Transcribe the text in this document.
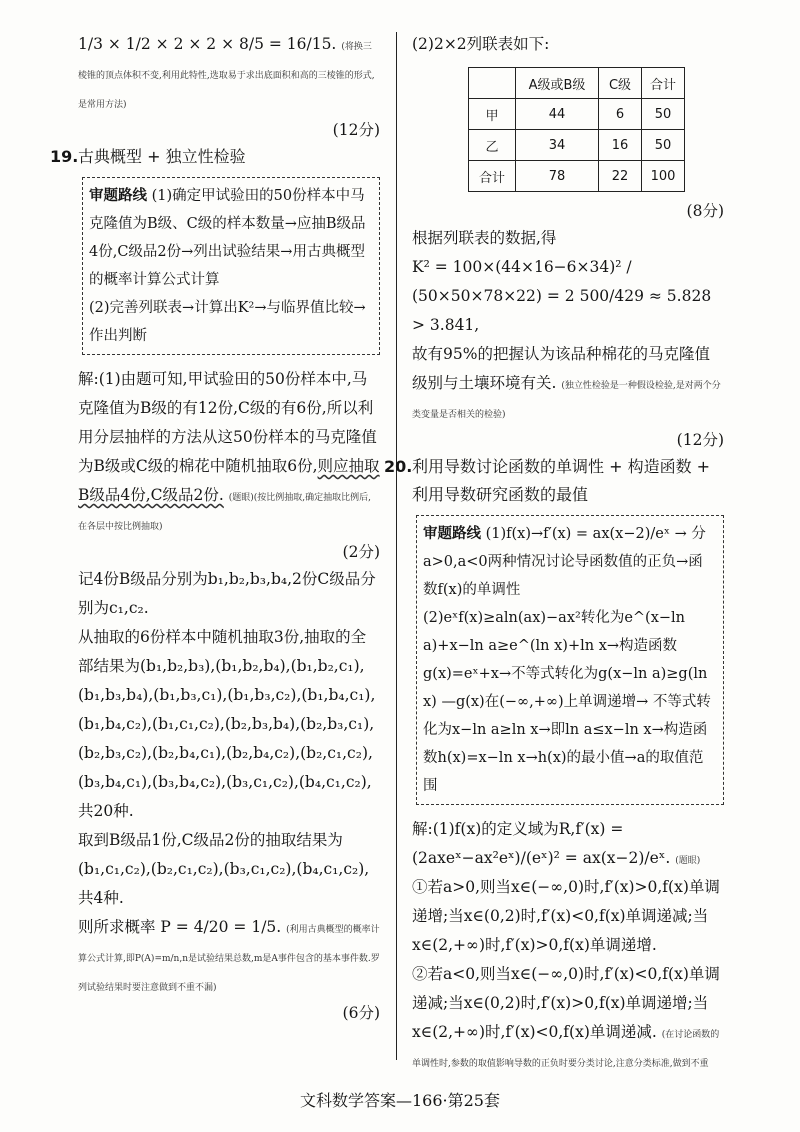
1/3 × 1/2 × 2 × 2 × 8/5 = 16/15. (将换三棱锥的顶点体积不变,利用此特性,选取易于求出底面积和高的三棱锥的形式,是常用方法)

(12分)
19.古典概型 + 独立性检验
审题路线 (1)确定甲试验田的50份样本中马克隆值为B级、C级的样本数量→应抽B级品4份,C级品2份→列出试验结果→用古典概型的概率计算公式计算
(2)完善列联表→计算出K²→与临界值比较→作出判断

解:(1)由题可知,甲试验田的50份样本中,马克隆值为B级的有12份,C级的有6份,所以利用分层抽样的方法从这50份样本的马克隆值为B级或C级的棉花中随机抽取6份,则应抽取B级品4份,C级品2份. (题眼)(按比例抽取,确定抽取比例后,在各层中按比例抽取)

(2分)

记4份B级品分别为b₁,b₂,b₃,b₄,2份C级品分别为c₁,c₂.

从抽取的6份样本中随机抽取3份,抽取的全部结果为(b₁,b₂,b₃),(b₁,b₂,b₄),(b₁,b₂,c₁),(b₁,b₃,b₄),(b₁,b₃,c₁),(b₁,b₃,c₂),(b₁,b₄,c₁),(b₁,b₄,c₂),(b₁,c₁,c₂),(b₂,b₃,b₄),(b₂,b₃,c₁),(b₂,b₃,c₂),(b₂,b₄,c₁),(b₂,b₄,c₂),(b₂,c₁,c₂),(b₃,b₄,c₁),(b₃,b₄,c₂),(b₃,c₁,c₂),(b₄,c₁,c₂),共20种.

取到B级品1份,C级品2份的抽取结果为(b₁,c₁,c₂),(b₂,c₁,c₂),(b₃,c₁,c₂),(b₄,c₁,c₂),共4种.

则所求概率 P = 4/20 = 1/5. (利用古典概型的概率计算公式计算,即P(A)=m/n,n是试验结果总数,m是A事件包含的基本事件数.罗列试验结果时要注意做到不重不漏)

(6分)

(2)2×2列联表如下:

	A级或B级	C级	合计
甲	44	6	50
乙	34	16	50
合计	78	22	100
(8分)

根据列联表的数据,得

K² = 100×(44×16−6×34)² / (50×50×78×22) = 2 500/429 ≈ 5.828 > 3.841,

故有95%的把握认为该品种棉花的马克隆值级别与土壤环境有关. (独立性检验是一种假设检验,是对两个分类变量是否相关的检验)

(12分)
20.利用导数讨论函数的单调性 + 构造函数 + 利用导数研究函数的最值
审题路线 (1)f(x)→f′(x) = ax(x−2)/eˣ → 分a>0,a<0两种情况讨论导函数值的正负→函数f(x)的单调性
(2)eˣf(x)≥aln(ax)−ax²转化为e^(x−ln a)+x−ln a≥e^(ln x)+ln x→构造函数g(x)=eˣ+x→不等式转化为g(x−ln a)≥g(ln x) —g(x)在(−∞,+∞)上单调递增→ 不等式转化为x−ln a≥ln x→即ln a≤x−ln x→构造函数h(x)=x−ln x→h(x)的最小值→a的取值范围

解:(1)f(x)的定义域为R,f′(x) = (2axeˣ−ax²eˣ)/(eˣ)² = ax(x−2)/eˣ. (题眼)

①若a>0,则当x∈(−∞,0)时,f′(x)>0,f(x)单调递增;当x∈(0,2)时,f′(x)<0,f(x)单调递减;当x∈(2,+∞)时,f′(x)>0,f(x)单调递增.

②若a<0,则当x∈(−∞,0)时,f′(x)<0,f(x)单调递减;当x∈(0,2)时,f′(x)>0,f(x)单调递增;当x∈(2,+∞)时,f′(x)<0,f(x)单调递减. (在讨论函数的单调性时,参数的取值影响导数的正负时要分类讨论,注意分类标准,做到不重

文科数学答案—166·第25套
